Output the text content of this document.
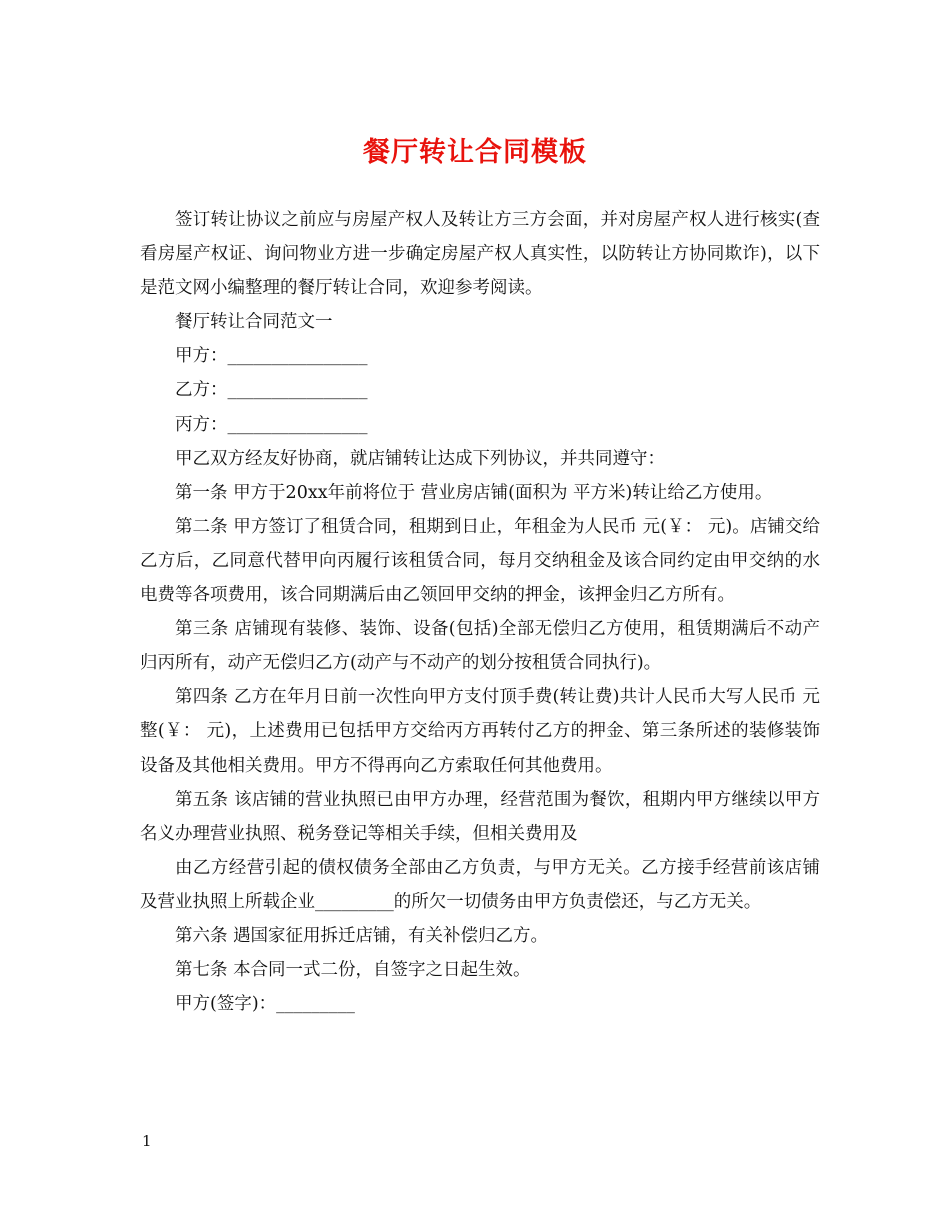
餐厅转让合同模板

签订转让协议之前应与房屋产权人及转让方三方会面，并对房屋产权人进行核实(查看房屋产权证、询问物业方进一步确定房屋产权人真实性，以防转让方协同欺诈)，以下是范文网小编整理的餐厅转让合同，欢迎参考阅读。

餐厅转让合同范文一

甲方：________________

乙方：________________

丙方：________________

甲乙双方经友好协商，就店铺转让达成下列协议，并共同遵守：

第一条 甲方于20xx年前将位于 营业房店铺(面积为 平方米)转让给乙方使用。

第二条 甲方签订了租赁合同，租期到日止，年租金为人民币 元(￥： 元)。店铺交给乙方后，乙同意代替甲向丙履行该租赁合同，每月交纳租金及该合同约定由甲交纳的水电费等各项费用，该合同期满后由乙领回甲交纳的押金，该押金归乙方所有。

第三条 店铺现有装修、装饰、设备(包括)全部无偿归乙方使用，租赁期满后不动产归丙所有，动产无偿归乙方(动产与不动产的划分按租赁合同执行)。

第四条 乙方在年月日前一次性向甲方支付顶手费(转让费)共计人民币大写人民币 元整(￥： 元)，上述费用已包括甲方交给丙方再转付乙方的押金、第三条所述的装修装饰设备及其他相关费用。甲方不得再向乙方索取任何其他费用。

第五条 该店铺的营业执照已由甲方办理，经营范围为餐饮，租期内甲方继续以甲方名义办理营业执照、税务登记等相关手续，但相关费用及

由乙方经营引起的债权债务全部由乙方负责，与甲方无关。乙方接手经营前该店铺及营业执照上所载企业_________的所欠一切债务由甲方负责偿还，与乙方无关。

第六条 遇国家征用拆迁店铺，有关补偿归乙方。

第七条 本合同一式二份，自签字之日起生效。

甲方(签字)：_________

1
